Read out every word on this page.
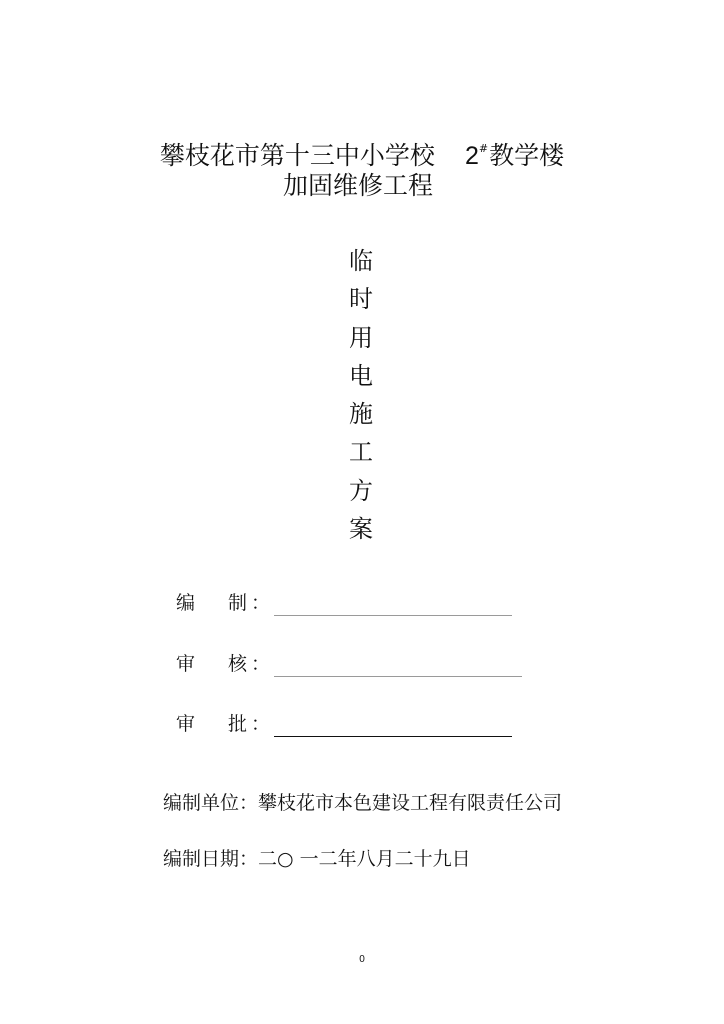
攀枝花市第十三中小学校 2#教学楼
加固维修工程
临
时
用
电
施
工
方
案
编 制 ：
审 核 ：
审 批 ：
编制单位：攀枝花市本色建设工程有限责任公司
编制日期：二○ 一二年八月二十九日
0
